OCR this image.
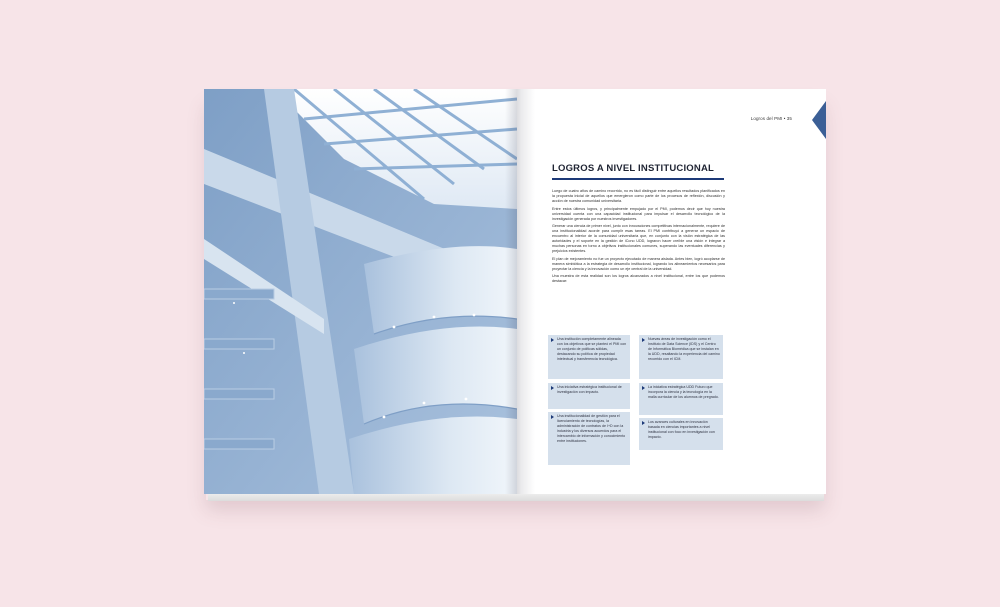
Logros del PMI • 35
LOGROS A NIVEL INSTITUCIONAL

Luego de cuatro años de camino recorrido, no es fácil distinguir entre aquellos resultados planificados en la propuesta inicial de aquellos que emergieron como parte de los procesos de reflexión, discusión y acción de nuestra comunidad universitaria.

Entre estos últimos logros, y principalmente empujado por el PMI, podemos decir que hoy nuestra universidad cuenta con una capacidad institucional para impulsar el desarrollo tecnológico de la investigación generada por nuestros investigadores.

Generar una ciencia de primer nivel, junto con innovaciones competitivas internacionalmente, requiere de una institucionalidad acorde para cumplir esas tareas. El PMI contribuyó a generar un espacio de encuentro al interior de la comunidad universitaria que, en conjunto con la visión estratégica de las autoridades y el soporte en la gestión de iCono UDD, lograron hacer creíble una visión e integrar a muchas personas en torno a objetivos institucionales comunes, superando las eventuales diferencias y prejuicios existentes.

El plan de mejoramiento no fue un proyecto ejecutado de manera aislada. Antes bien, logró acoplarse de manera simbiótica a la estrategia de desarrollo institucional, logrando los alineamientos necesarios para proyectar la ciencia y la innovación como un eje central de la universidad.

Una muestra de esta realidad son los logros alcanzados a nivel institucional, entre los que podemos destacar:

Una institución completamente alineada con los objetivos que se planteó el PMI con un conjunto de políticas sólidas, destacando su política de propiedad intelectual y transferencia tecnológica.
Una iniciativa estratégica institucional de investigación con impacto.
Una institucionalidad de gestión para el licenciamiento de tecnologías, la administración de contratos de I+D con la industria y los diversos acuerdos para el intercambio de información y conocimiento entre instituciones.
Nuevas áreas de investigación como el Instituto de Data Science (IDS) y el Centro de Informática Biomédica que se instalan en la UDD, resaltando la experiencia del camino recorrido con el ICM.
La iniciativa estratégica UDD Futuro que incorpora la ciencia y la tecnología en la malla curricular de los alumnos de pregrado.
Los avances culturales en innovación basada en ciencias importantes a nivel institucional con foco en investigación con impacto.
